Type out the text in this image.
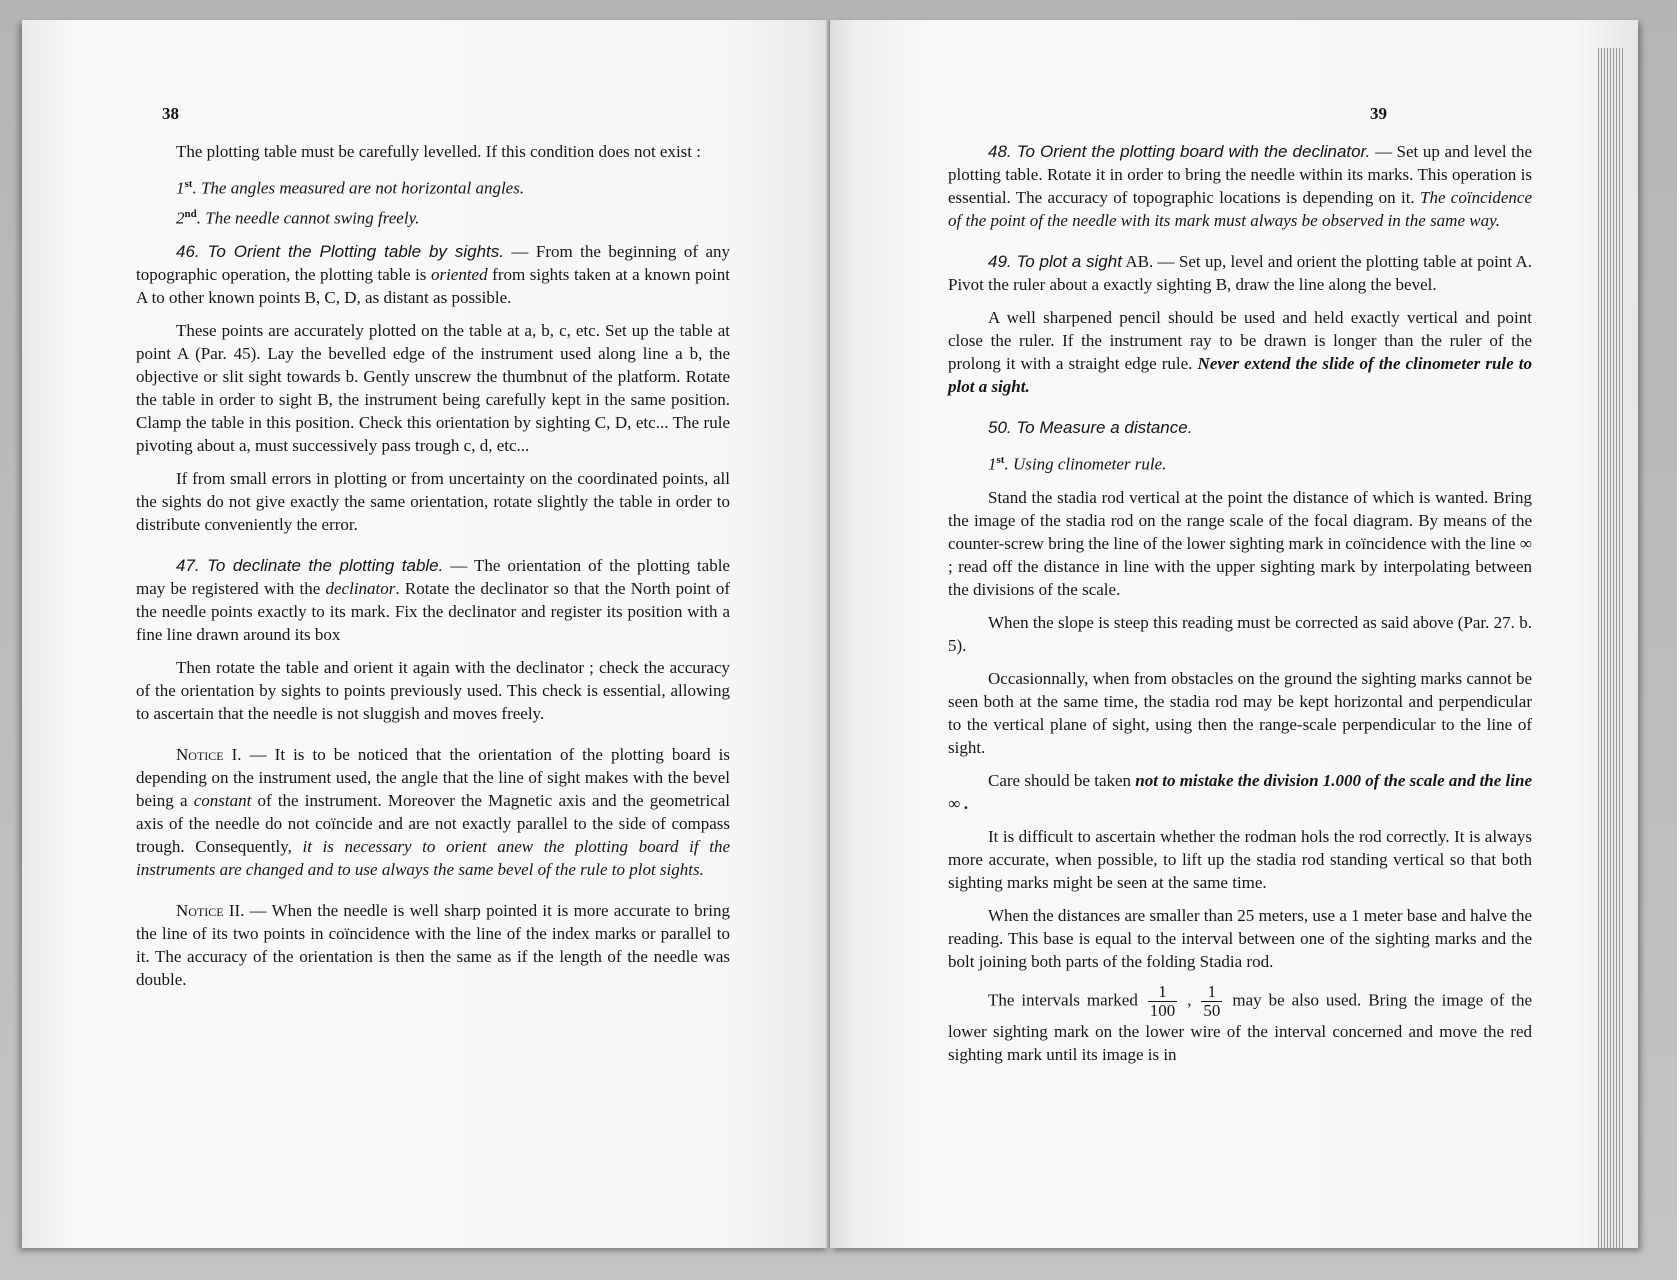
38

The plotting table must be carefully levelled. If this condition does not exist :

1st. The angles measured are not horizontal angles.
2nd. The needle cannot swing freely.

46. To Orient the Plotting table by sights. — From the beginning of any topographic operation, the plotting table is oriented from sights taken at a known point A to other known points B, C, D, as distant as possible.

These points are accurately plotted on the table at a, b, c, etc. Set up the table at point A (Par. 45). Lay the bevelled edge of the instrument used along line a b, the objective or slit sight towards b. Gently unscrew the thumbnut of the platform. Rotate the table in order to sight B, the instrument being carefully kept in the same position. Clamp the table in this position. Check this orientation by sighting C, D, etc... The rule pivoting about a, must successively pass trough c, d, etc...

If from small errors in plotting or from uncertainty on the coordinated points, all the sights do not give exactly the same orientation, rotate slightly the table in order to distribute conveniently the error.

47. To declinate the plotting table. — The orientation of the plotting table may be registered with the declinator. Rotate the declinator so that the North point of the needle points exactly to its mark. Fix the declinator and register its position with a fine line drawn around its box

Then rotate the table and orient it again with the declinator ; check the accuracy of the orientation by sights to points previously used. This check is essential, allowing to ascertain that the needle is not sluggish and moves freely.

Notice I. — It is to be noticed that the orientation of the plotting board is depending on the instrument used, the angle that the line of sight makes with the bevel being a constant of the instrument. Moreover the Magnetic axis and the geometrical axis of the needle do not coïncide and are not exactly parallel to the side of compass trough. Consequently, it is necessary to orient anew the plotting board if the instruments are changed and to use always the same bevel of the rule to plot sights.

Notice II. — When the needle is well sharp pointed it is more accurate to bring the line of its two points in coïncidence with the line of the index marks or parallel to it. The accuracy of the orientation is then the same as if the length of the needle was double.

39

48. To Orient the plotting board with the declinator. — Set up and level the plotting table. Rotate it in order to bring the needle within its marks. This operation is essential. The accuracy of topographic locations is depending on it. The coïncidence of the point of the needle with its mark must always be observed in the same way.

49. To plot a sight AB. — Set up, level and orient the plotting table at point A. Pivot the ruler about a exactly sighting B, draw the line along the bevel.

A well sharpened pencil should be used and held exactly vertical and point close the ruler. If the instrument ray to be drawn is longer than the ruler of the prolong it with a straight edge rule. Never extend the slide of the clinometer rule to plot a sight.

50. To Measure a distance.

1st. Using clinometer rule.

Stand the stadia rod vertical at the point the distance of which is wanted. Bring the image of the stadia rod on the range scale of the focal diagram. By means of the counter-screw bring the line of the lower sighting mark in coïncidence with the line ∞ ; read off the distance in line with the upper sighting mark by interpolating between the divisions of the scale.

When the slope is steep this reading must be corrected as said above (Par. 27. b. 5).

Occasionnally, when from obstacles on the ground the sighting marks cannot be seen both at the same time, the stadia rod may be kept horizontal and perpendicular to the vertical plane of sight, using then the range-scale perpendicular to the line of sight.

Care should be taken not to mistake the division 1.000 of the scale and the line ∞ .

It is difficult to ascertain whether the rodman hols the rod correctly. It is always more accurate, when possible, to lift up the stadia rod standing vertical so that both sighting marks might be seen at the same time.

When the distances are smaller than 25 meters, use a 1 meter base and halve the reading. This base is equal to the interval between one of the sighting marks and the bolt joining both parts of the folding Stadia rod.

The intervals marked $\frac{1}{100}$ , $\frac{1}{50}$ may be also used. Bring the image of the lower sighting mark on the lower wire of the interval concerned and move the red sighting mark until its image is in
